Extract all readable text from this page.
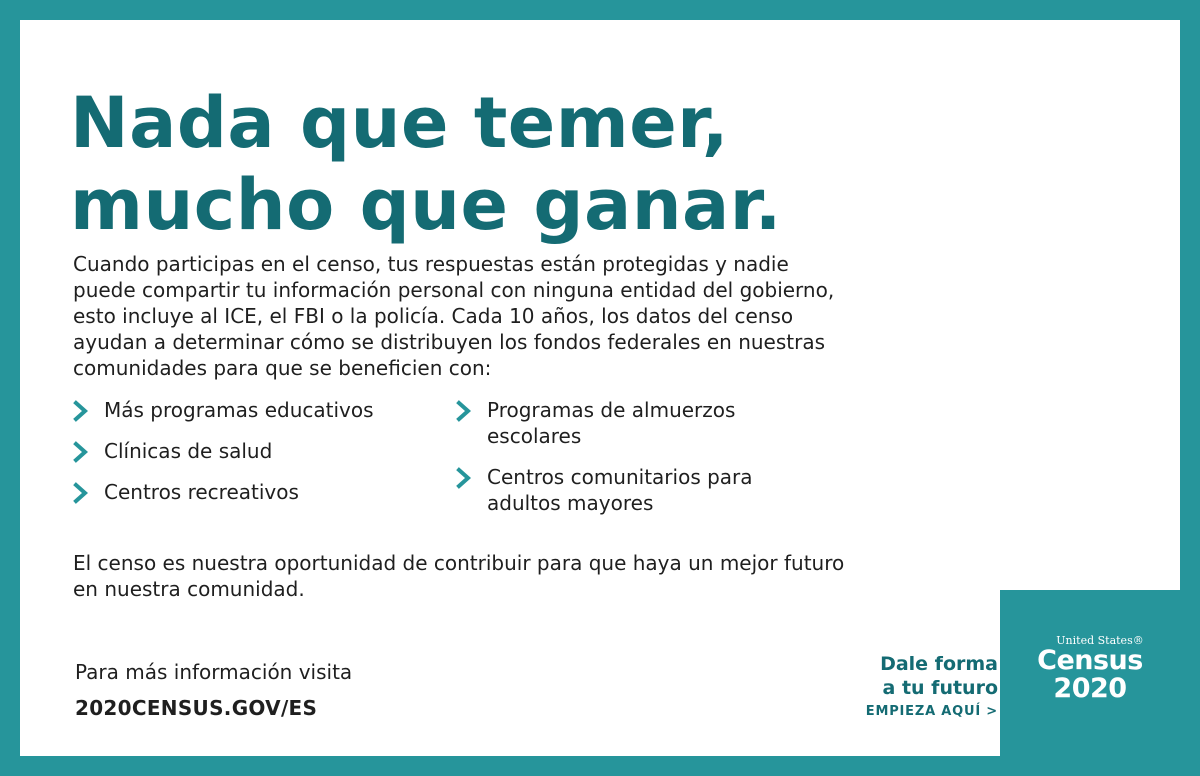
Nada que temer,
mucho que ganar.

Cuando participas en el censo, tus respuestas están protegidas y nadie puede compartir tu información personal con ninguna entidad del gobierno, esto incluye al ICE, el FBI o la policía. Cada 10 años, los datos del censo ayudan a determinar cómo se distribuyen los fondos federales en nuestras comunidades para que se beneficien con:

Más programas educativos
Clínicas de salud
Centros recreativos
Programas de almuerzos escolares
Centros comunitarios para adultos mayores

El censo es nuestra oportunidad de contribuir para que haya un mejor futuro en nuestra comunidad.

Para más información visita

2020CENSUS.GOV/ES
Dale forma
a tu futuro
EMPIEZA AQUÍ >
United States®
Census
2020
